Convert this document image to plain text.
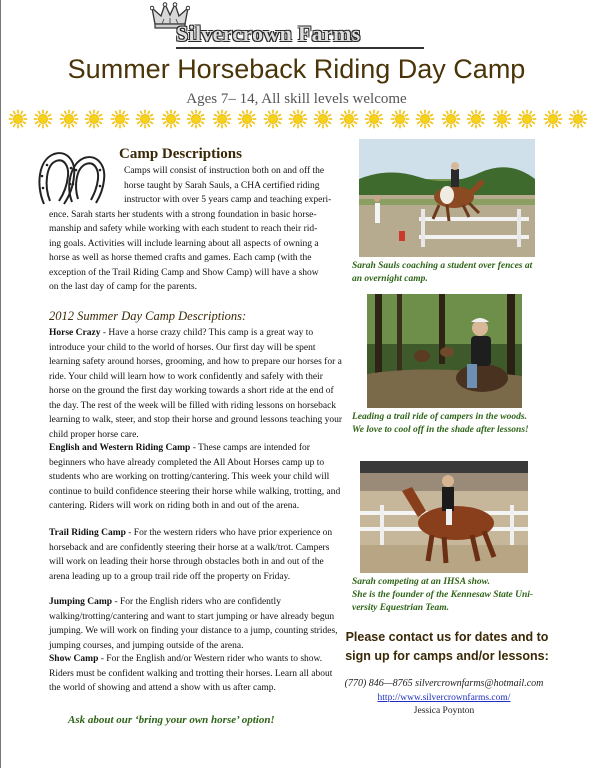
Silvercrown Farms
Summer Horseback Riding Day Camp
Ages 7– 14, All skill levels welcome
Camp Descriptions
Camps will consist of instruction both on and off the
horse taught by Sarah Sauls, a CHA certified riding
instructor with over 5 years camp and teaching experi-
ence. Sarah starts her students with a strong foundation in basic horse-
manship and safety while working with each student to reach their rid-
ing goals. Activities will include learning about all aspects of owning a
horse as well as horse themed crafts and games. Each camp (with the
exception of the Trail Riding Camp and Show Camp) will have a show
on the last day of camp for the parents.
2012 Summer Day Camp Descriptions:
Horse Crazy - Have a horse crazy child? This camp is a great way to introduce your child to the world of horses. Our first day will be spent learning safety around horses, grooming, and how to prepare our horses for a ride. Your child will learn how to work confidently and safely with their horse on the ground the first day working towards a short ride at the end of the day. The rest of the week will be filled with riding lessons on horseback learning to walk, steer, and stop their horse and ground lessons teaching your child proper horse care.
English and Western Riding Camp - These camps are intended for beginners who have already completed the All About Horses camp up to students who are working on trotting/cantering. This week your child will continue to build confidence steering their horse while walking, trotting, and cantering. Riders will work on riding both in and out of the arena.
Trail Riding Camp - For the western riders who have prior experience on horseback and are confidently steering their horse at a walk/trot. Campers will work on leading their horse through obstacles both in and out of the arena leading up to a group trail ride off the property on Friday.
Jumping Camp - For the English riders who are confidently walking/trotting/cantering and want to start jumping or have already begun jumping. We will work on finding your distance to a jump, counting strides, jumping courses, and jumping outside of the arena.
Show Camp - For the English and/or Western rider who wants to show. Riders must be confident walking and trotting their horses. Learn all about the world of showing and attend a show with us after camp.
Ask about our ‘bring your own horse’ option!
Sarah Sauls coaching a student over fences at
an overnight camp.
Leading a trail ride of campers in the woods.
We love to cool off in the shade after lessons!
Sarah competing at an IHSA show.
She is the founder of the Kennesaw State Uni-
versity Equestrian Team.
Please contact us for dates and to
sign up for camps and/or lessons:
(770) 846—8765 silvercrownfarms@hotmail.com
http://www.silvercrownfarms.com/
Jessica Poynton
